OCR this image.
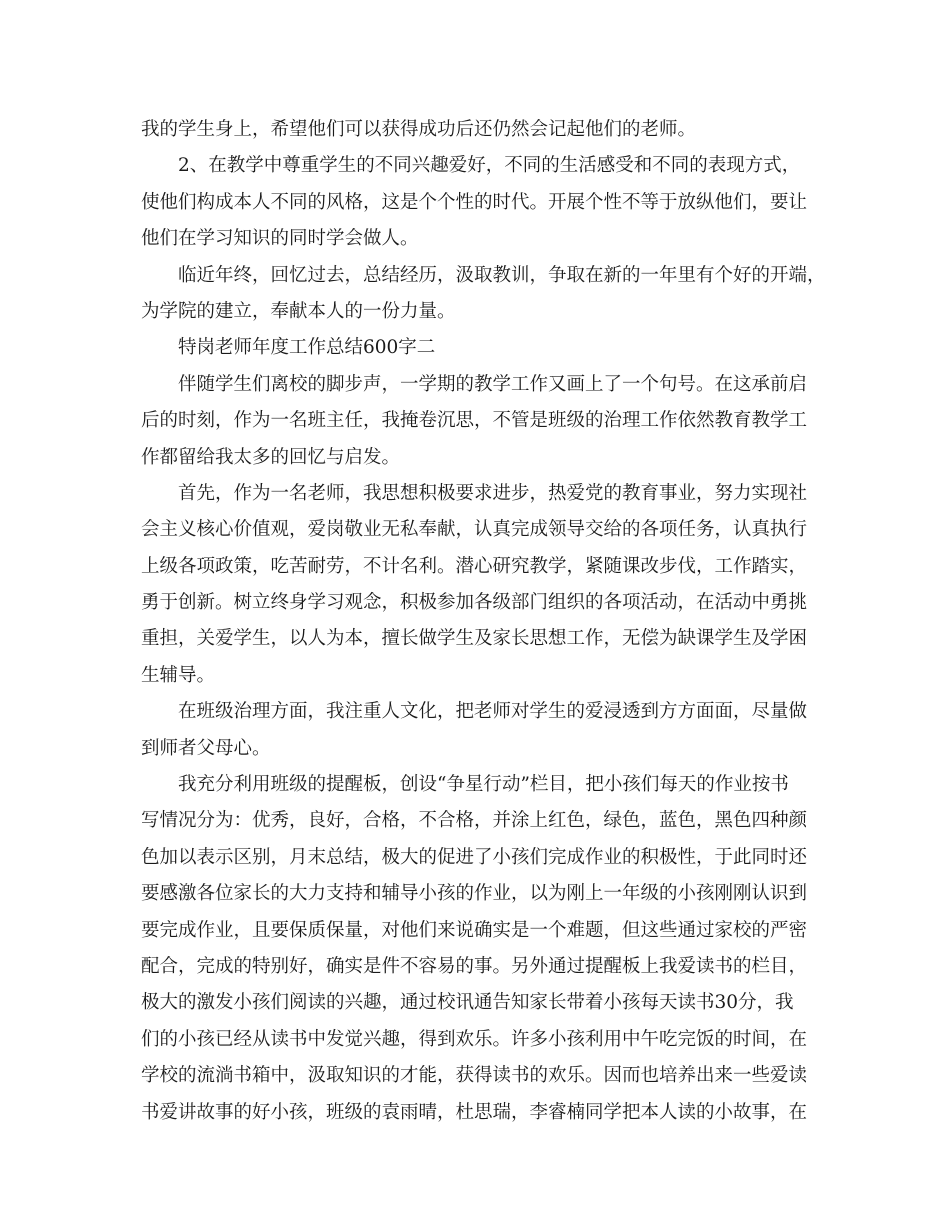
我的学生身上，希望他们可以获得成功后还仍然会记起他们的老师。
2、在教学中尊重学生的不同兴趣爱好，不同的生活感受和不同的表现方式，
使他们构成本人不同的风格，这是个个性的时代。开展个性不等于放纵他们，要让
他们在学习知识的同时学会做人。
临近年终，回忆过去，总结经历，汲取教训，争取在新的一年里有个好的开端，
为学院的建立，奉献本人的一份力量。
特岗老师年度工作总结600字二
伴随学生们离校的脚步声，一学期的教学工作又画上了一个句号。在这承前启
后的时刻，作为一名班主任，我掩卷沉思，不管是班级的治理工作依然教育教学工
作都留给我太多的回忆与启发。
首先，作为一名老师，我思想积极要求进步，热爱党的教育事业，努力实现社
会主义核心价值观，爱岗敬业无私奉献，认真完成领导交给的各项任务，认真执行
上级各项政策，吃苦耐劳，不计名利。潜心研究教学，紧随课改步伐，工作踏实，
勇于创新。树立终身学习观念，积极参加各级部门组织的各项活动，在活动中勇挑
重担，关爱学生，以人为本，擅长做学生及家长思想工作，无偿为缺课学生及学困
生辅导。
在班级治理方面，我注重人文化，把老师对学生的爱浸透到方方面面，尽量做
到师者父母心。
我充分利用班级的提醒板，创设“争星行动”栏目，把小孩们每天的作业按书
写情况分为：优秀，良好，合格，不合格，并涂上红色，绿色，蓝色，黑色四种颜
色加以表示区别，月末总结，极大的促进了小孩们完成作业的积极性，于此同时还
要感激各位家长的大力支持和辅导小孩的作业，以为刚上一年级的小孩刚刚认识到
要完成作业，且要保质保量，对他们来说确实是一个难题，但这些通过家校的严密
配合，完成的特别好，确实是件不容易的事。另外通过提醒板上我爱读书的栏目，
极大的激发小孩们阅读的兴趣，通过校讯通告知家长带着小孩每天读书30分，我
们的小孩已经从读书中发觉兴趣，得到欢乐。许多小孩利用中午吃完饭的时间，在
学校的流淌书箱中，汲取知识的才能，获得读书的欢乐。因而也培养出来一些爱读
书爱讲故事的好小孩，班级的袁雨晴，杜思瑞，李睿楠同学把本人读的小故事，在
